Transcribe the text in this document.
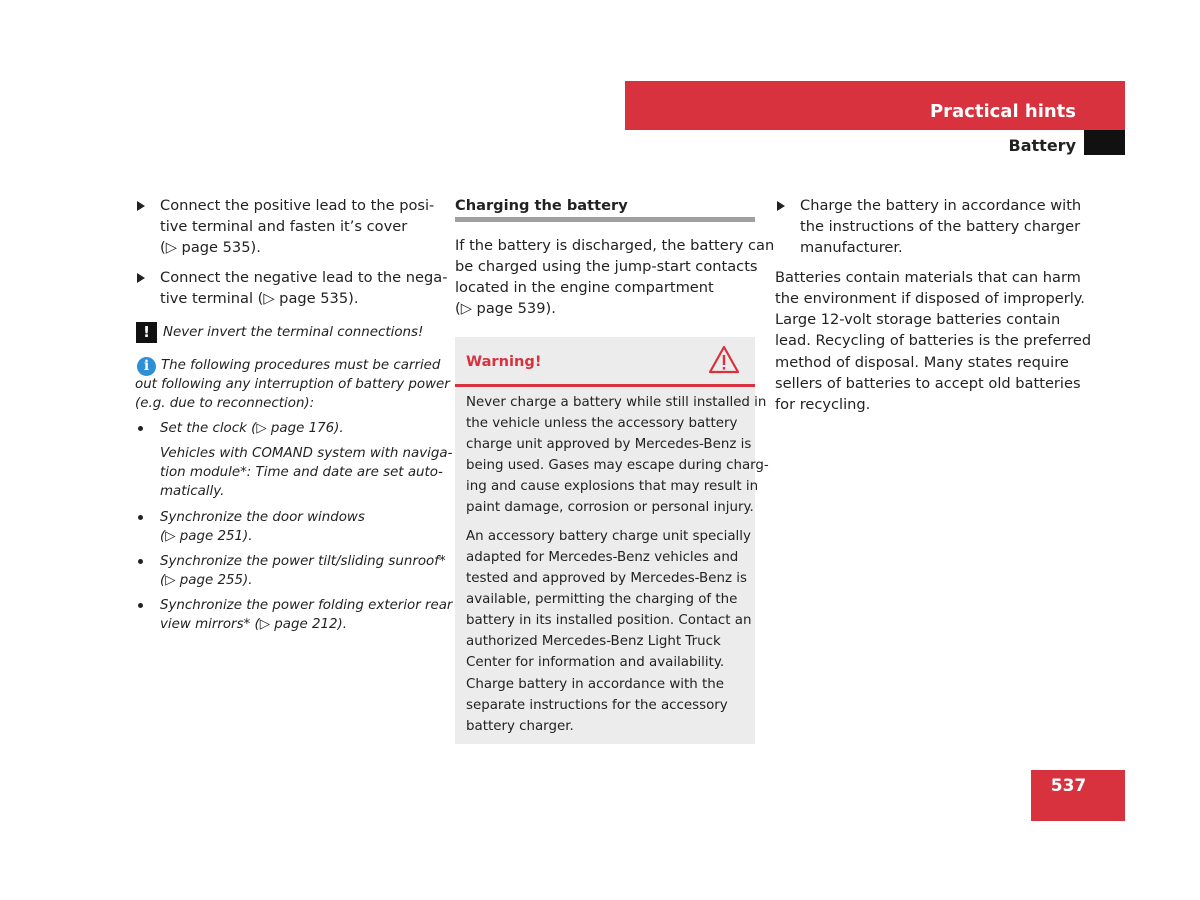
Practical hints
Battery
Connect the positive lead to the posi-
tive terminal and fasten it’s cover
(▷ page 535).
Connect the negative lead to the nega-
tive terminal (▷ page 535).
! Never invert the terminal connections!
i The following procedures must be carried
out following any interruption of battery power
(e.g. due to reconnection):
Set the clock (▷ page 176).
Vehicles with COMAND system with naviga-
tion module*: Time and date are set auto-
matically.
Synchronize the door windows
(▷ page 251).
Synchronize the power tilt/sliding sunroof*
(▷ page 255).
Synchronize the power folding exterior rear
view mirrors* (▷ page 212).
Charging the battery
If the battery is discharged, the battery can
be charged using the jump-start contacts
located in the engine compartment
(▷ page 539).
Warning!
Never charge a battery while still installed in
the vehicle unless the accessory battery
charge unit approved by Mercedes-Benz is
being used. Gases may escape during charg-
ing and cause explosions that may result in
paint damage, corrosion or personal injury.
An accessory battery charge unit specially
adapted for Mercedes-Benz vehicles and
tested and approved by Mercedes-Benz is
available, permitting the charging of the
battery in its installed position. Contact an
authorized Mercedes-Benz Light Truck
Center for information and availability.
Charge battery in accordance with the
separate instructions for the accessory
battery charger.
Charge the battery in accordance with
the instructions of the battery charger
manufacturer.
Batteries contain materials that can harm
the environment if disposed of improperly.
Large 12-volt storage batteries contain
lead. Recycling of batteries is the preferred
method of disposal. Many states require
sellers of batteries to accept old batteries
for recycling.
537
